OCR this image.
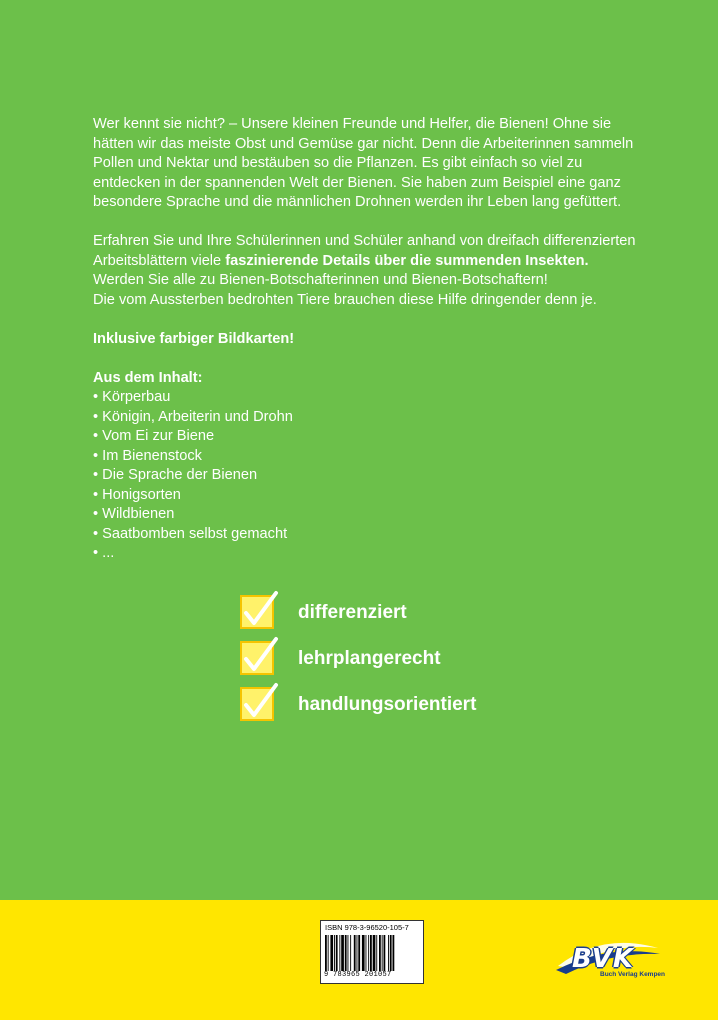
Wer kennt sie nicht? – Unsere kleinen Freunde und Helfer, die Bienen! Ohne sie hätten wir das meiste Obst und Gemüse gar nicht. Denn die Arbeiterinnen sammeln Pollen und Nektar und bestäuben so die Pflanzen. Es gibt einfach so viel zu entdecken in der spannenden Welt der Bienen. Sie haben zum Beispiel eine ganz besondere Sprache und die männlichen Drohnen werden ihr Leben lang gefüttert.

Erfahren Sie und Ihre Schülerinnen und Schüler anhand von dreifach differenzierten Arbeitsblättern viele faszinierende Details über die summenden Insekten.
Werden Sie alle zu Bienen-Botschafterinnen und Bienen-Botschaftern!
Die vom Aussterben bedrohten Tiere brauchen diese Hilfe dringender denn je.

Inklusive farbiger Bildkarten!

Aus dem Inhalt:
• Körperbau
• Königin, Arbeiterin und Drohn
• Vom Ei zur Biene
• Im Bienenstock
• Die Sprache der Bienen
• Honigsorten
• Wildbienen
• Saatbomben selbst gemacht
• ...
differenziert
lehrplangerecht
handlungsorientiert
ISBN 978-3-96520-105-7
9 783965 201057
BVK
Buch Verlag Kempen
